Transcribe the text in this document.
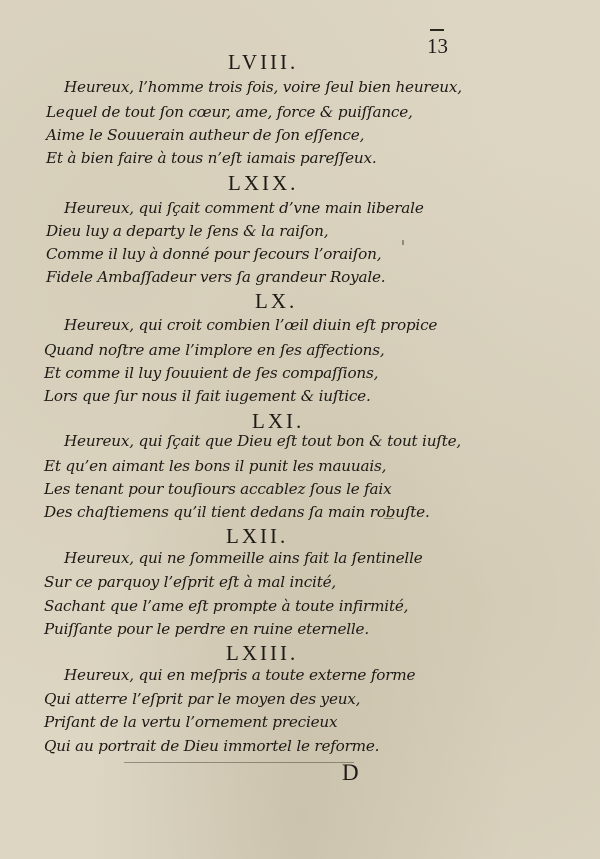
13
LVIII.
Heureux, l’homme trois fois, voire ſeul bien heureux,
Lequel de tout ſon cœur, ame, force & puiſſance,
Aime le Souuerain autheur de ſon eſſence,
Et à bien faire à tous n’eſt iamais pareſſeux.
LXIX.
Heureux, qui ſçait comment d’vne main liberale
Dieu luy a departy le ſens & la raiſon,
Comme il luy à donné pour ſecours l’oraiſon,
Fidele Ambaſſadeur vers ſa grandeur Royale.
LX.
Heureux, qui croit combien l’œil diuin eſt propice
Quand noſtre ame l’implore en ſes affections,
Et comme il luy ſouuient de ſes compaſſions,
Lors que ſur nous il fait iugement & iuſtice.
LXI.
Heureux, qui ſçait que Dieu eſt tout bon & tout iuſte,
Et qu’en aimant les bons il punit les mauuais,
Les tenant pour touſiours accablez ſous le faix
Des chaſtiemens qu’il tient dedans ſa main robuſte.
LXII.
Heureux, qui ne ſommeille ains fait la ſentinelle
Sur ce parquoy l’eſprit eſt à mal incité,
Sachant que l’ame eſt prompte à toute infirmité,
Puiſſante pour le perdre en ruine eternelle.
LXIII.
Heureux, qui en meſpris a toute externe forme
Qui atterre l’eſprit par le moyen des yeux,
Priſant de la vertu l’ornement precieux
Qui au portrait de Dieu immortel le reforme.
D
